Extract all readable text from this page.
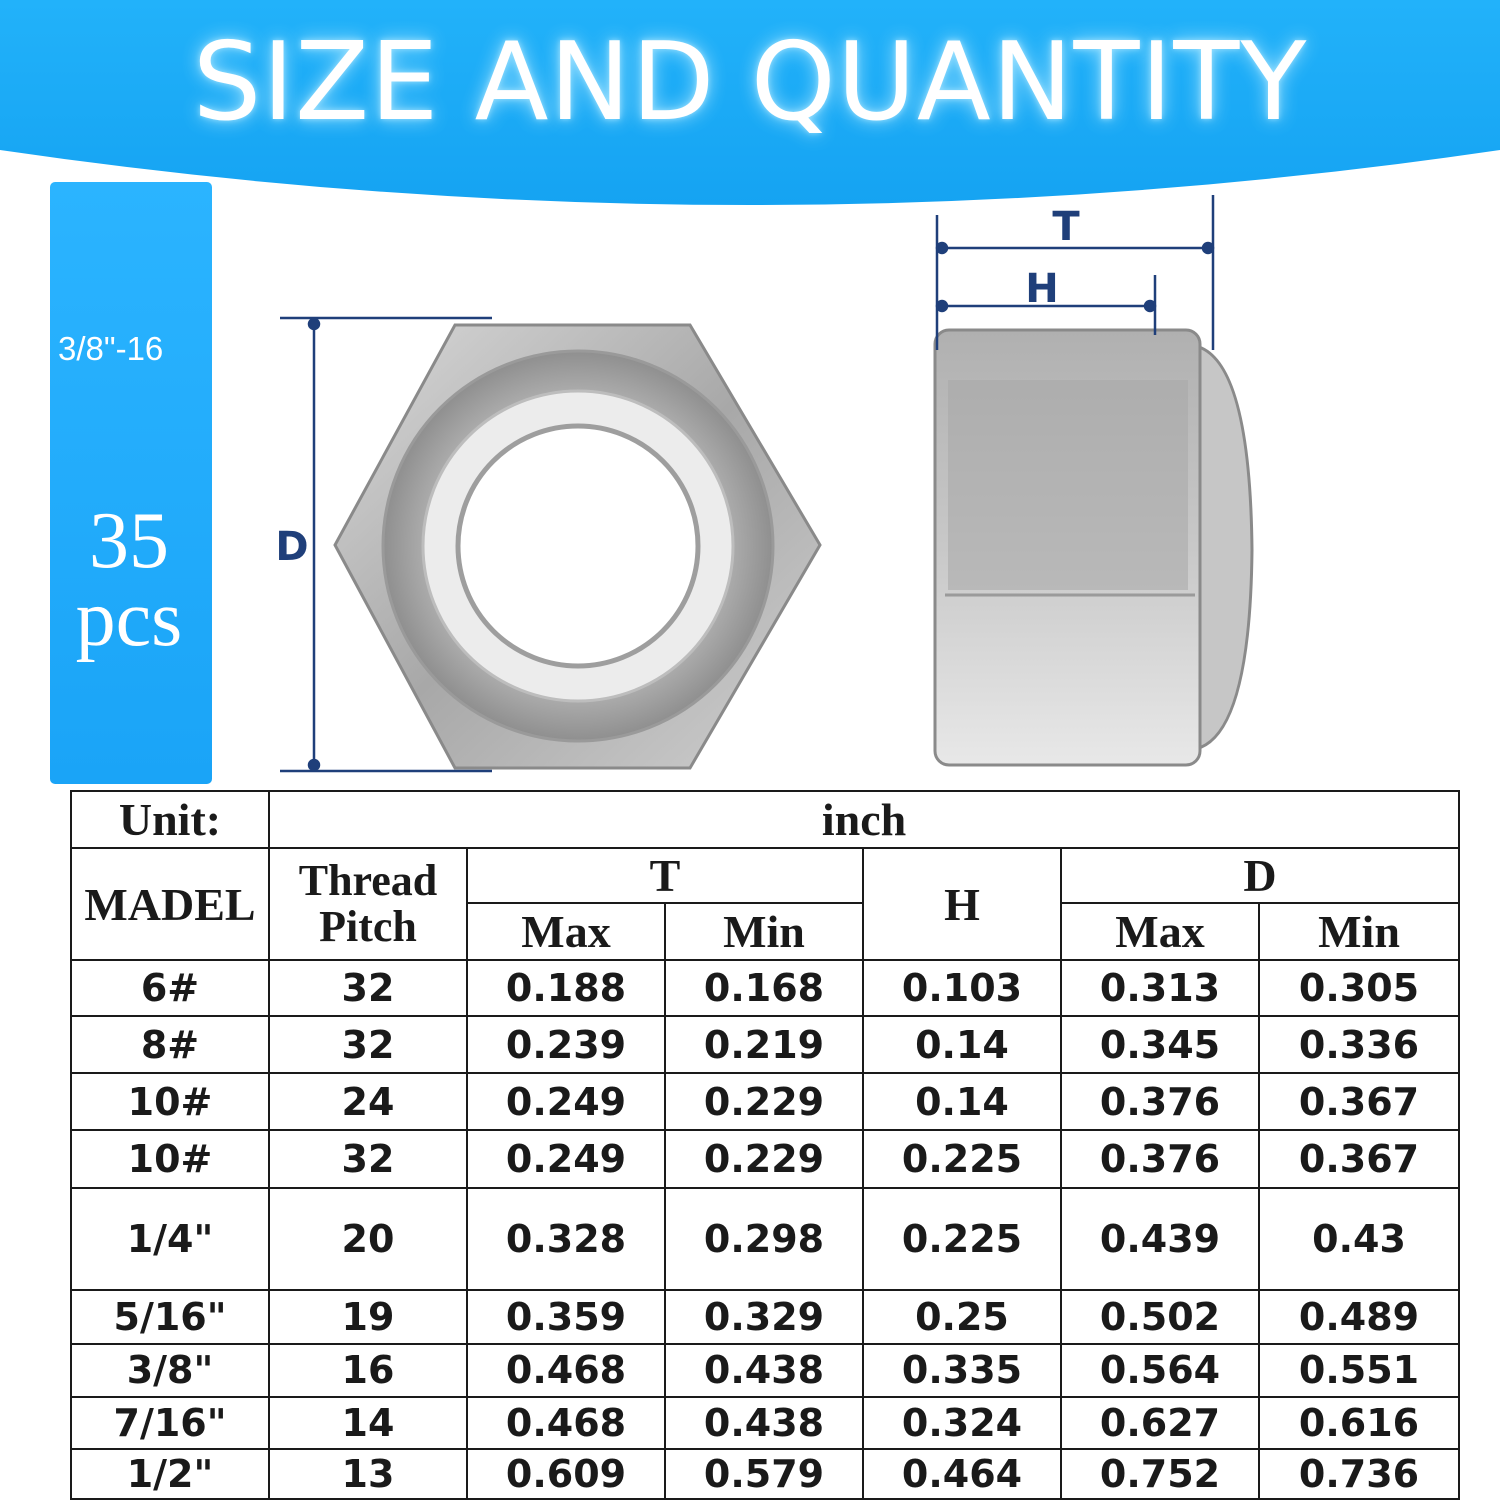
SIZE AND QUANTITY
3/8"-16
35
pcs
D
T
H
Unit:	inch					
MADEL	Thread Pitch	T		H	D	
		Max	Min		Max	Min
6#	32	0.188	0.168	0.103	0.313	0.305
8#	32	0.239	0.219	0.14	0.345	0.336
10#	24	0.249	0.229	0.14	0.376	0.367
10#	32	0.249	0.229	0.225	0.376	0.367
1/4"	20	0.328	0.298	0.225	0.439	0.43
5/16"	19	0.359	0.329	0.25	0.502	0.489
3/8"	16	0.468	0.438	0.335	0.564	0.551
7/16"	14	0.468	0.438	0.324	0.627	0.616
1/2"	13	0.609	0.579	0.464	0.752	0.736
